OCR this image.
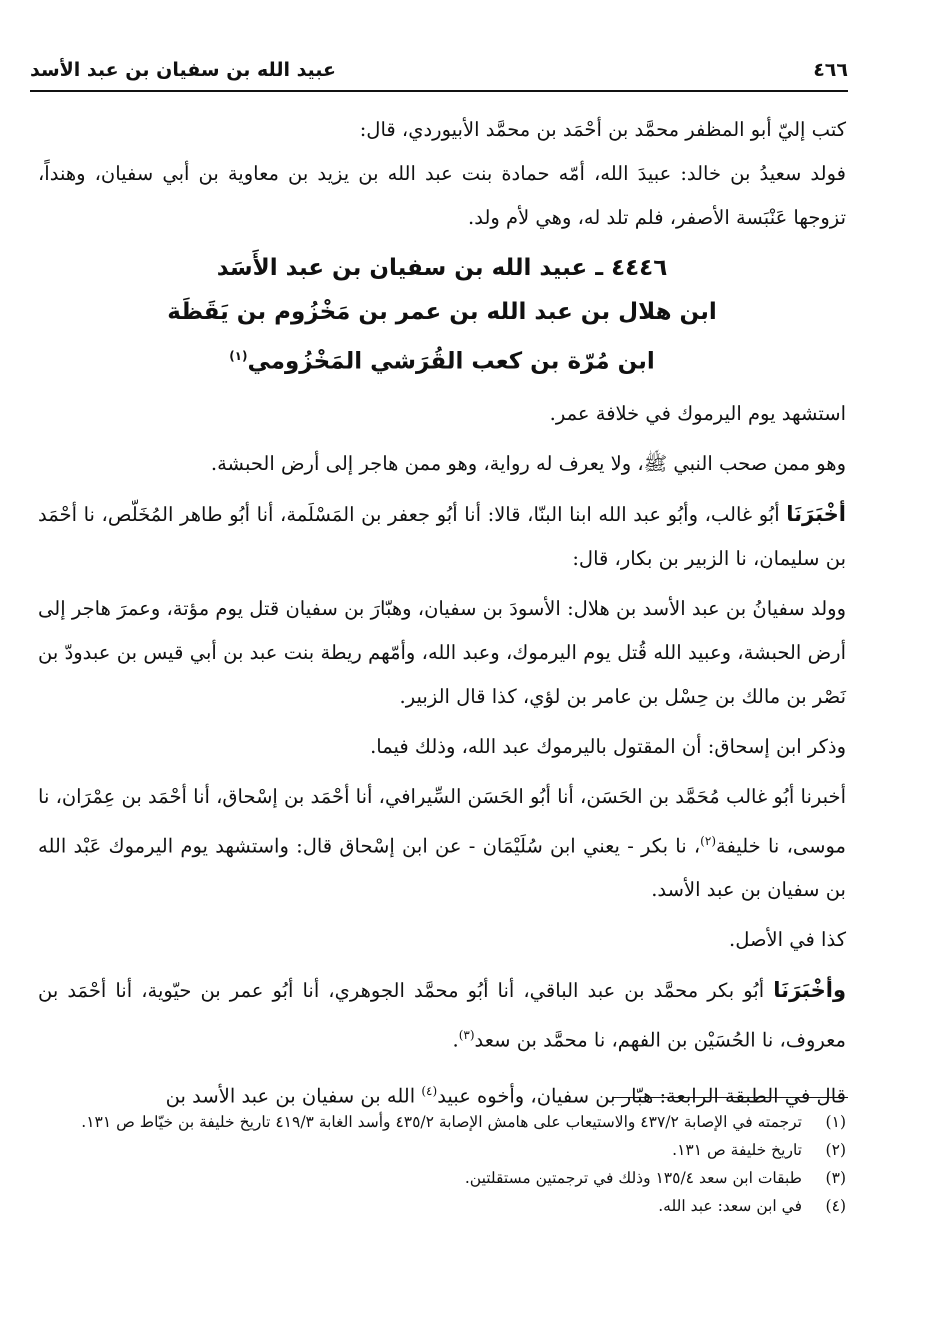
٤٦٦
عبيد الله بن سفيان بن عبد الأسد

كتب إليّ أبو المظفر محمَّد بن أحْمَد بن محمَّد الأبيوردي، قال:

فولد سعيدُ بن خالد: عبيدَ الله، أمّه حمادة بنت عبد الله بن يزيد بن معاوية بن أبي سفيان، وهنداً، تزوجها عَنْبَسة الأصفر، فلم تلد له، وهي لأم ولد.

٤٤٤٦ ـ عبيد الله بن سفيان بن عبد الأَسَد
ابن هلال بن عبد الله بن عمر بن مَخْزُوم بن يَقَظَة
ابن مُرّة بن كعب القُرَشي المَخْزُومي$^{(١)}$

استشهد يوم اليرموك في خلافة عمر.

وهو ممن صحب النبي ﷺ، ولا يعرف له رواية، وهو ممن هاجر إلى أرض الحبشة.

أخْبَرَنَا أبُو غالب، وأبُو عبد الله ابنا البنّا، قالا: أنا أبُو جعفر بن المَسْلَمة، أنا أبُو طاهر المُخَلّص، نا أحْمَد بن سليمان، نا الزبير بن بكار، قال:

وولد سفيانُ بن عبد الأسد بن هلال: الأسودَ بن سفيان، وهبّارَ بن سفيان قتل يوم مؤتة، وعمرَ هاجر إلى أرض الحبشة، وعبيد الله قُتل يوم اليرموك، وعبد الله، وأمّهم ريطة بنت عبد بن أبي قيس بن عبدودّ بن نَصْر بن مالك بن حِسْل بن عامر بن لؤي، كذا قال الزبير.

وذكر ابن إسحاق: أن المقتول باليرموك عبد الله، وذلك فيما.

أخبرنا أبُو غالب مُحَمَّد بن الحَسَن، أنا أبُو الحَسَن السِّيرافي، أنا أحْمَد بن إسْحاق، أنا أحْمَد بن عِمْرَان، نا موسى، نا خليفة$^{(٢)}$، نا بكر - يعني ابن سُلَيْمَان - عن ابن إسْحاق قال: واستشهد يوم اليرموك عَبْد الله بن سفيان بن عبد الأسد.

كذا في الأصل.

وأخْبَرَنَا أبُو بكر محمَّد بن عبد الباقي، أنا أبُو محمَّد الجوهري، أنا أبُو عمر بن حيّوية، أنا أحْمَد بن معروف، نا الحُسَيْن بن الفهم، نا محمَّد بن سعد$^{(٣)}$.

قال في الطبقة الرابعة: هبّار بن سفيان، وأخوه عبيد$^{(٤)}$ الله بن سفيان بن عبد الأسد بن

(١)
ترجمته في الإصابة ٤٣٧/٢ والاستيعاب على هامش الإصابة ٤٣٥/٢ وأسد الغابة ٤١٩/٣ تاريخ خليفة بن خيّاط ص ١٣١.
(٢)
تاريخ خليفة ص ١٣١.
(٣)
طبقات ابن سعد ١٣٥/٤ وذلك في ترجمتين مستقلتين.
(٤)
في ابن سعد: عبد الله.
